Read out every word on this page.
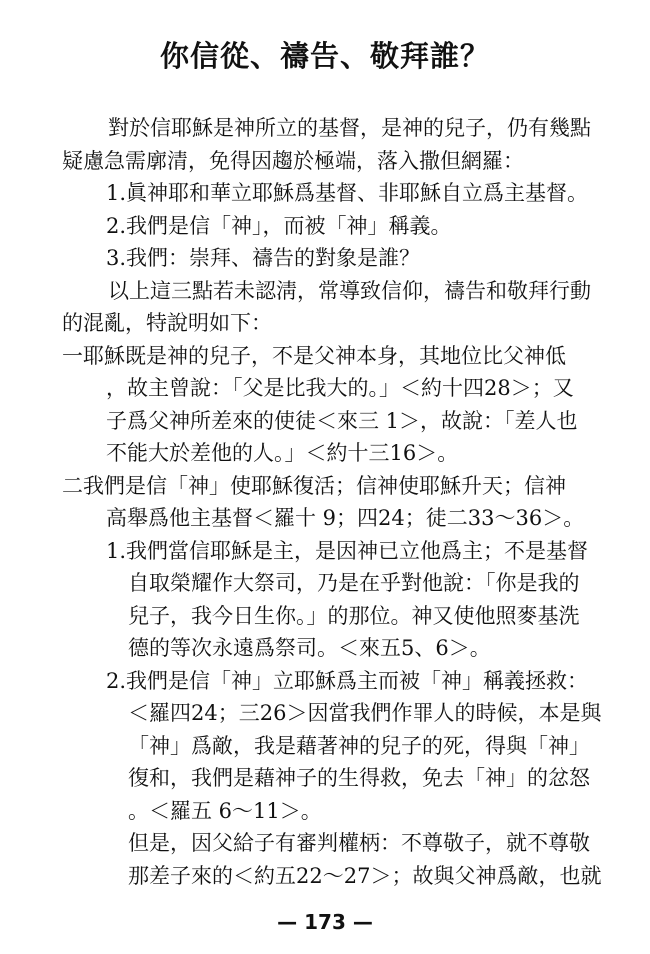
你信從、禱告、敬拜誰？
對於信耶穌是神所立的基督，是神的兒子，仍有幾點
疑慮急需廓清，免得因趨於極端，落入撒但網羅：
1.眞神耶和華立耶穌爲基督、非耶穌自立爲主基督。
2.我們是信「神」，而被「神」稱義。
3.我們：崇拜、禱告的對象是誰？
以上這三點若未認淸，常導致信仰，禱告和敬拜行動
的混亂，特說明如下：
一耶穌既是神的兒子，不是父神本身，其地位比父神低
，故主曾說：「父是比我大的。」＜約十四28＞；又
子爲父神所差來的使徒＜來三 1＞，故說：「差人也
不能大於差他的人。」＜約十三16＞。
二我們是信「神」使耶穌復活；信神使耶穌升天；信神
高舉爲他主基督＜羅十 9；四24；徒二33～36＞。
1.我們當信耶穌是主，是因神已立他爲主；不是基督
自取榮耀作大祭司，乃是在乎對他說：「你是我的
兒子，我今日生你。」的那位。神又使他照麥基洗
德的等次永遠爲祭司。＜來五5、6＞。
2.我們是信「神」立耶穌爲主而被「神」稱義拯救：
＜羅四24；三26＞因當我們作罪人的時候，本是與
「神」爲敵，我是藉著神的兒子的死，得與「神」
復和，我們是藉神子的生得救，免去「神」的忿怒
。＜羅五 6～11＞。
但是，因父給子有審判權柄：不尊敬子，就不尊敬
那差子來的＜約五22～27＞；故與父神爲敵，也就
— 173 —
